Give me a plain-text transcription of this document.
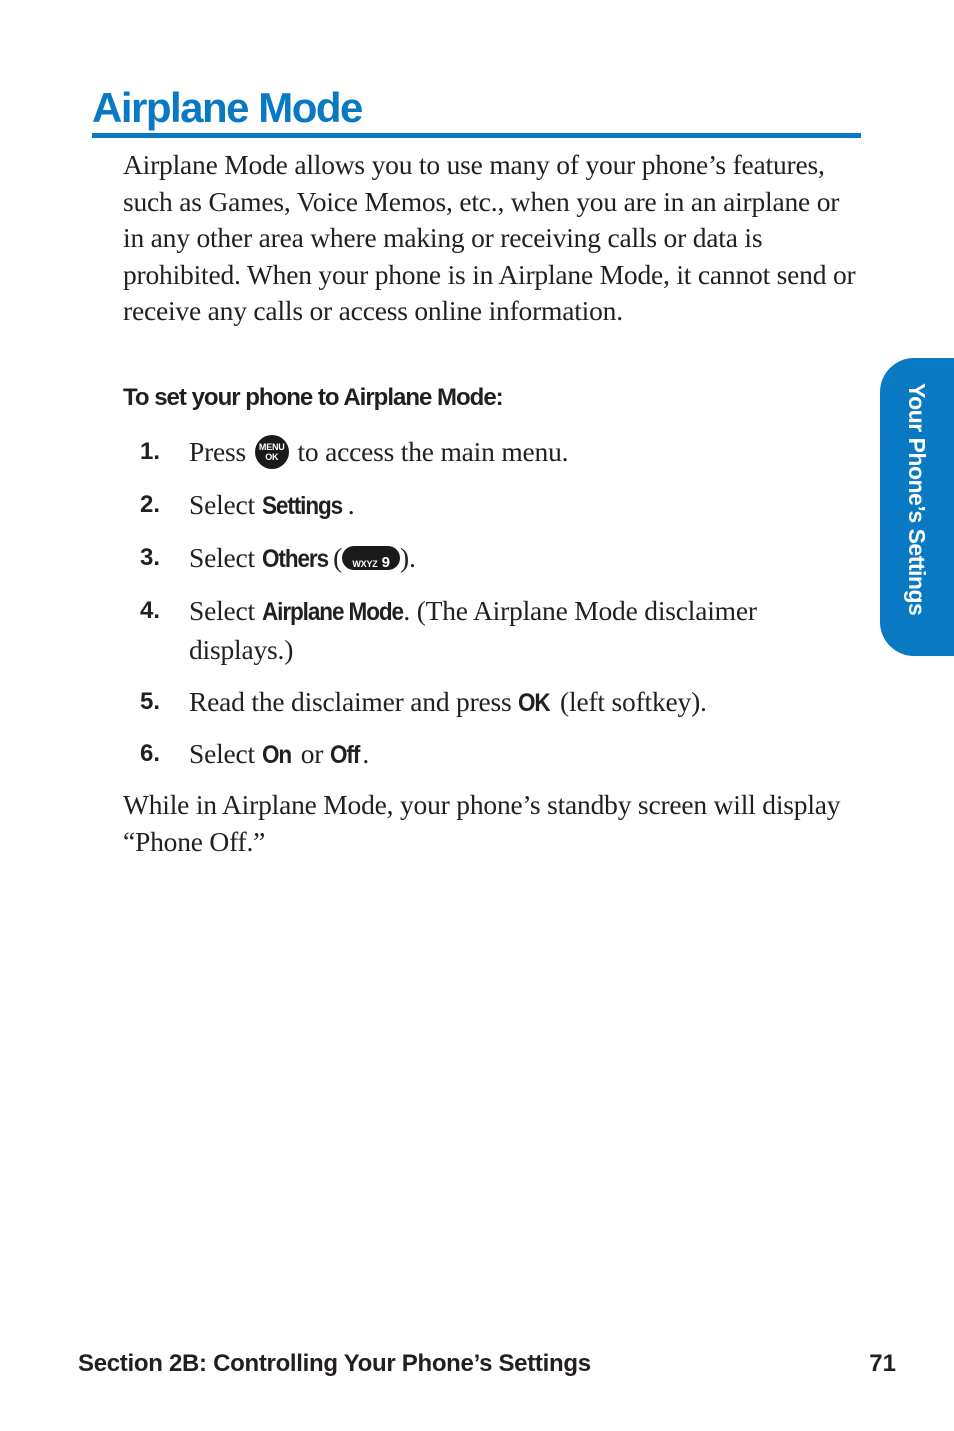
Airplane Mode

Airplane Mode allows you to use many of your phone’s features, such as Games, Voice Memos, etc., when you are in an airplane or in any other area where making or receiving calls or data is prohibited. When your phone is in Airplane Mode, it cannot send or receive any calls or access online information.

To set your phone to Airplane Mode:

1.	Press	MENU
OK to access the main menu.
2.	Select Settings .
3.	Select Others ( WXYZ 9 ).
4.	Select Airplane Mode. (The Airplane Mode disclaimer displays.)
5.	Read the disclaimer and press OK (left softkey).
6.	Select On or Off .

While in Airplane Mode, your phone’s standby screen will display “Phone Off.”

Your Phone’s Settings
Section 2B: Controlling Your Phone’s Settings	71
